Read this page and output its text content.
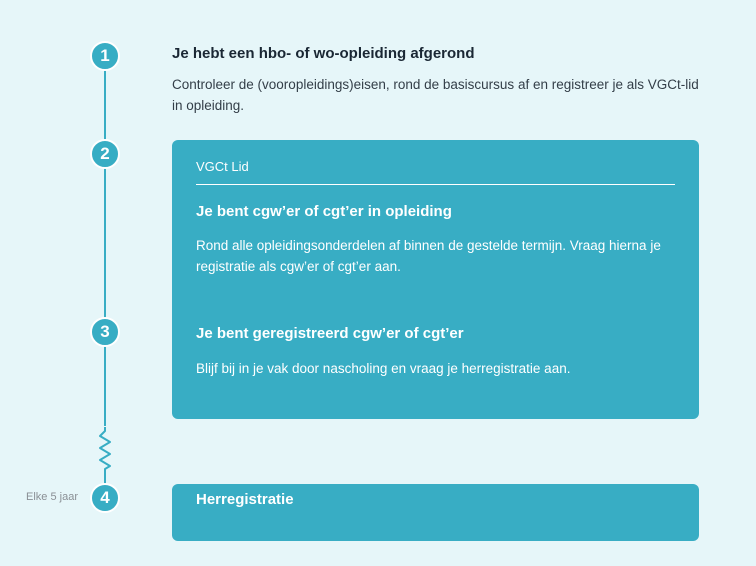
1
2
3
4
Elke 5 jaar
Je hebt een hbo- of wo-opleiding afgerond
Controleer de (vooropleidings)eisen, rond de basiscursus af en registreer je als VGCt-lid in opleiding.
VGCt Lid
Je bent cgw’er of cgt’er in opleiding
Rond alle opleidingsonderdelen af binnen de gestelde termijn. Vraag hierna je registratie als cgw’er of cgt’er aan.
Je bent geregistreerd cgw’er of cgt’er
Blijf bij in je vak door nascholing en vraag je herregistratie aan.
Herregistratie
